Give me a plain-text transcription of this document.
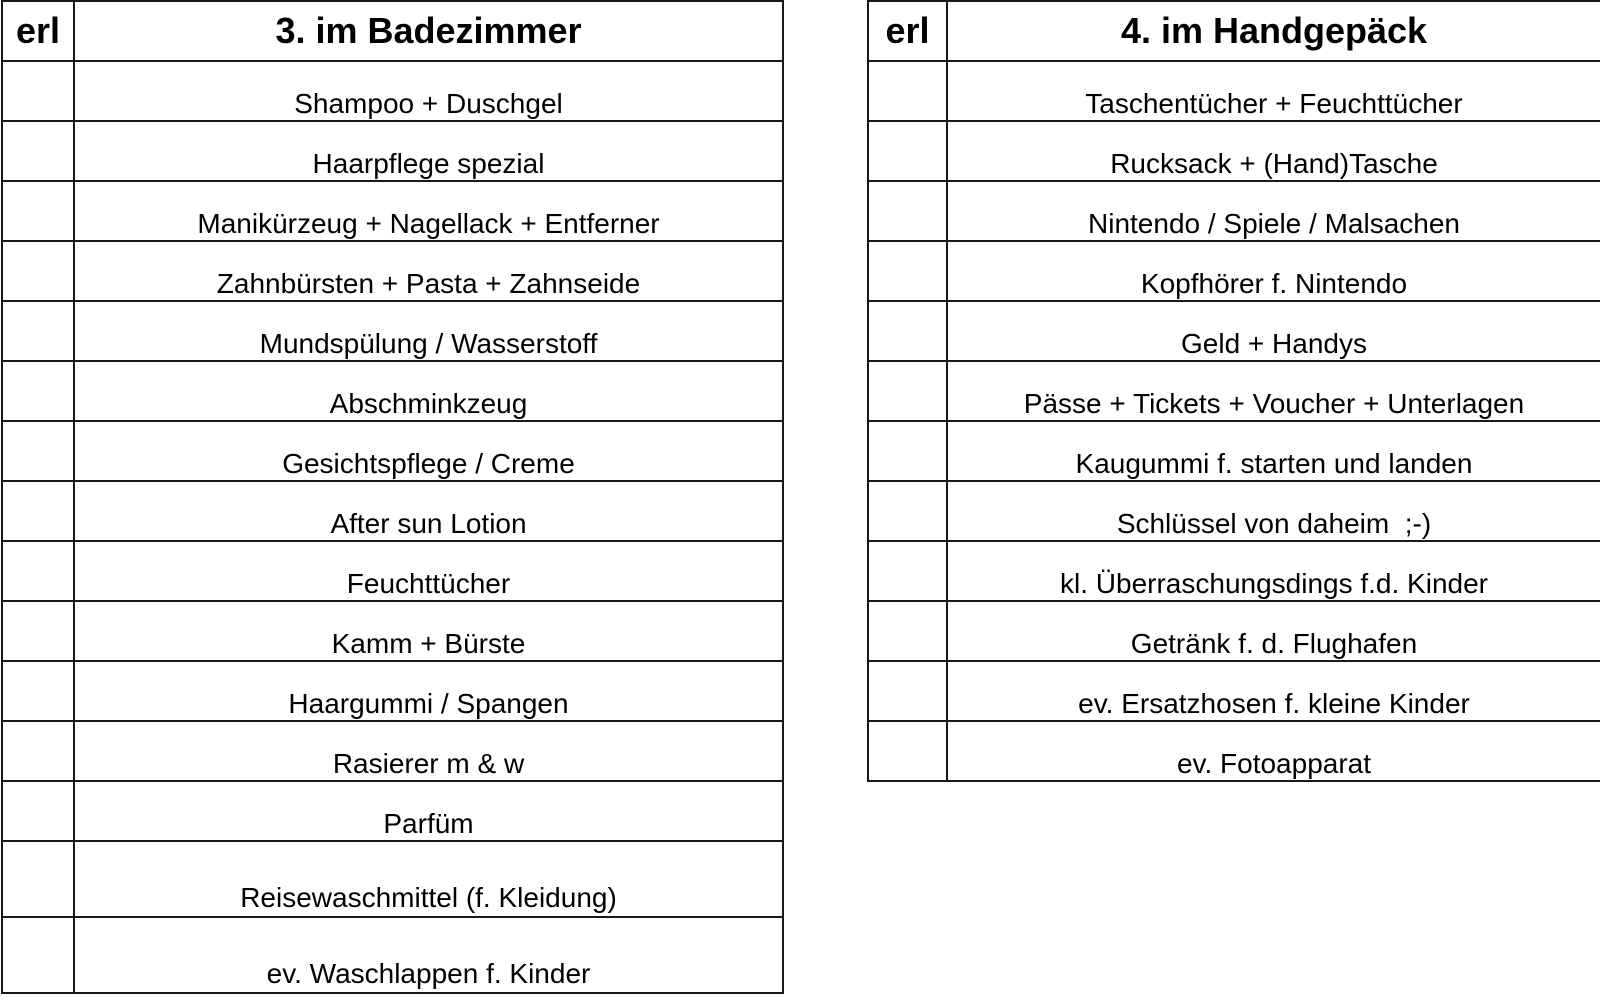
erl	3. im Badezimmer
	Shampoo + Duschgel
	Haarpflege spezial
	Manikürzeug + Nagellack + Entferner
	Zahnbürsten + Pasta + Zahnseide
	Mundspülung / Wasserstoff
	Abschminkzeug
	Gesichtspflege / Creme
	After sun Lotion
	Feuchttücher
	Kamm + Bürste
	Haargummi / Spangen
	Rasierer m & w
	Parfüm
	Reisewaschmittel (f. Kleidung)
	ev. Waschlappen f. Kinder
erl	4. im Handgepäck
	Taschentücher + Feuchttücher
	Rucksack + (Hand)Tasche
	Nintendo / Spiele / Malsachen
	Kopfhörer f. Nintendo
	Geld + Handys
	Pässe + Tickets + Voucher + Unterlagen
	Kaugummi f. starten und landen
	Schlüssel von daheim  ;-)
	kl. Überraschungsdings f.d. Kinder
	Getränk f. d. Flughafen
	ev. Ersatzhosen f. kleine Kinder
	ev. Fotoapparat
